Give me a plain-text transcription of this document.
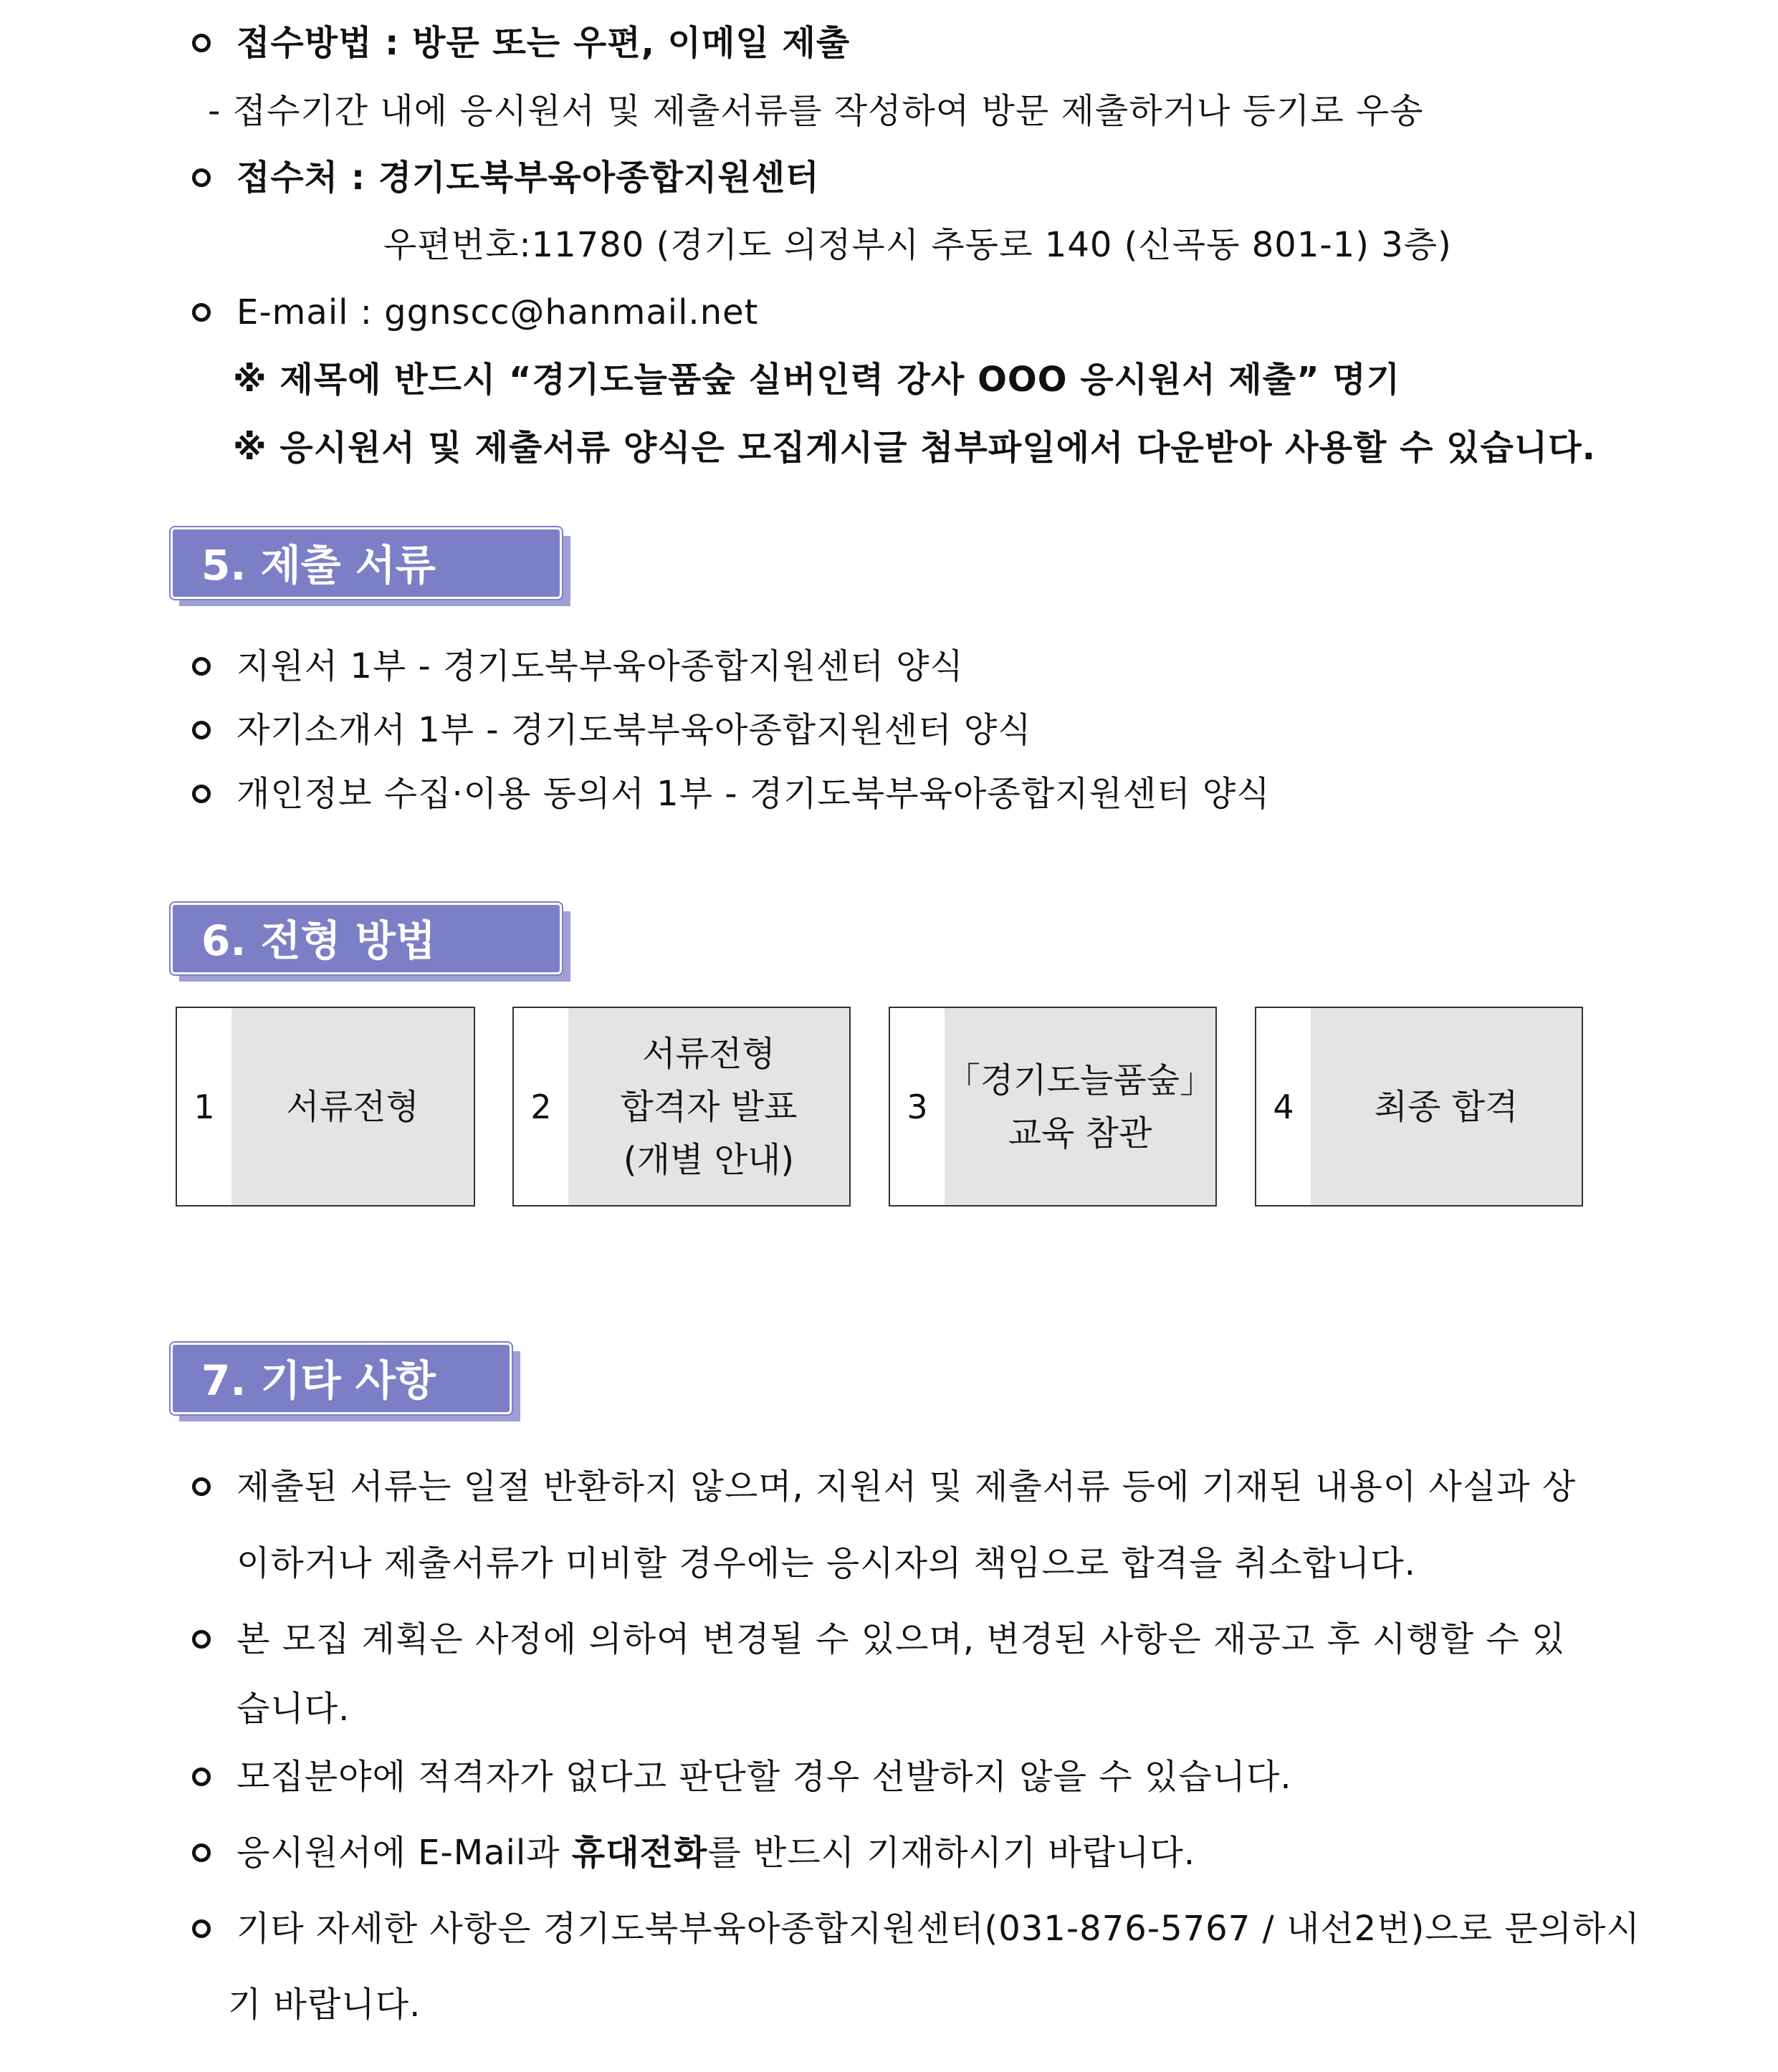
접수방법 : 방문 또는 우편, 이메일 제출
- 접수기간 내에 응시원서 및 제출서류를 작성하여 방문 제출하거나 등기로 우송
접수처 : 경기도북부육아종합지원센터
우편번호:11780 (경기도 의정부시 추동로 140 (신곡동 801-1) 3층)
E-mail : ggnscc@hanmail.net
※ 제목에 반드시 “경기도늘품숲 실버인력 강사 OOO 응시원서 제출” 명기
※ 응시원서 및 제출서류 양식은 모집게시글 첨부파일에서 다운받아 사용할 수 있습니다.
5. 제출 서류
지원서 1부 - 경기도북부육아종합지원센터 양식
자기소개서 1부 - 경기도북부육아종합지원센터 양식
개인정보 수집·이용 동의서 1부 - 경기도북부육아종합지원센터 양식
6. 전형 방법
1	서류전형	2
서류전형
합격자 발표
(개별 안내)
3
「경기도늘품숲」
교육 참관
4	최종 합격
7. 기타 사항
제출된 서류는 일절 반환하지 않으며, 지원서 및 제출서류 등에 기재된 내용이 사실과 상
이하거나 제출서류가 미비할 경우에는 응시자의 책임으로 합격을 취소합니다.
본 모집 계획은 사정에 의하여 변경될 수 있으며, 변경된 사항은 재공고 후 시행할 수 있
습니다.
모집분야에 적격자가 없다고 판단할 경우 선발하지 않을 수 있습니다.
응시원서에 E-Mail과 휴대전화를 반드시 기재하시기 바랍니다.
기타 자세한 사항은 경기도북부육아종합지원센터(031-876-5767 / 내선2번)으로 문의하시
기 바랍니다.
